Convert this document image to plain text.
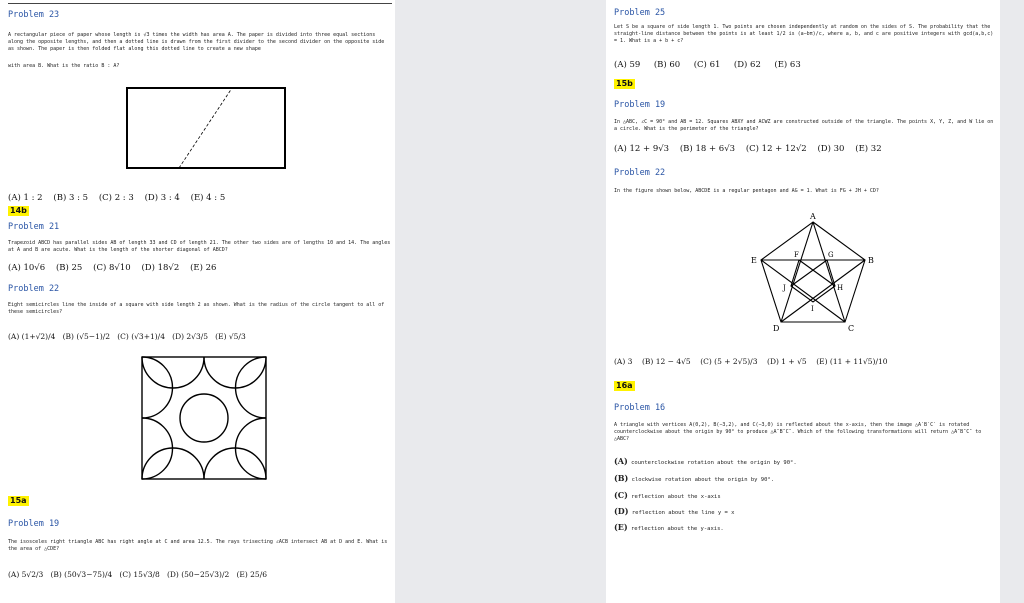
Problem 23
A rectangular piece of paper whose length is √3 times the width has area A. The paper is divided into three equal sections along the opposite lengths, and then a dotted line is drawn from the first divider to the second divider on the opposite side as shown. The paper is then folded flat along this dotted line to create a new shape
with area B. What is the ratio B : A?
(A) 1 : 2 (B) 3 : 5 (C) 2 : 3 (D) 3 : 4 (E) 4 : 5
14b
Problem 21
Trapezoid ABCD has parallel sides AB of length 33 and CD of length 21. The other two sides are of lengths 10 and 14. The angles at A and B are acute. What is the length of the shorter diagonal of ABCD?
(A) 10√6 (B) 25 (C) 8√10 (D) 18√2 (E) 26
Problem 22
Eight semicircles line the inside of a square with side length 2 as shown. What is the radius of the circle tangent to all of these semicircles?
(A) (1+√2)/4 (B) (√5−1)/2 (C) (√3+1)/4 (D) 2√3/5 (E) √5/3
15a
Problem 19
The isosceles right triangle ABC has right angle at C and area 12.5. The rays trisecting ∠ACB intersect AB at D and E. What is the area of △CDE?
(A) 5√2/3 (B) (50√3−75)/4 (C) 15√3/8 (D) (50−25√3)/2 (E) 25/6
Problem 25
Let S be a square of side length 1. Two points are chosen independently at random on the sides of S. The probability that the straight-line distance between the points is at least 1/2 is (a−bπ)/c, where a, b, and c are positive integers with gcd(a,b,c) = 1. What is a + b + c?
(A) 59 (B) 60 (C) 61 (D) 62 (E) 63
15b
Problem 19
In △ABC, ∠C = 90° and AB = 12. Squares ABXY and ACWZ are constructed outside of the triangle. The points X, Y, Z, and W lie on a circle. What is the perimeter of the triangle?
(A) 12 + 9√3 (B) 18 + 6√3 (C) 12 + 12√2 (D) 30 (E) 32
Problem 22
In the figure shown below, ABCDE is a regular pentagon and AG = 1. What is FG + JH + CD?
A
B
C
D
E
F	G
H
I
J
(A) 3 (B) 12 − 4√5 (C) (5 + 2√5)/3 (D) 1 + √5 (E) (11 + 11√5)/10
16a
Problem 16
A triangle with vertices A(0,2), B(−3,2), and C(−3,0) is reflected about the x-axis, then the image △A′B′C′ is rotated counterclockwise about the origin by 90° to produce △A″B″C″. Which of the following transformations will return △A″B″C″ to △ABC?
(A) counterclockwise rotation about the origin by 90°.
(B) clockwise rotation about the origin by 90°.
(C) reflection about the x-axis
(D) reflection about the line y = x
(E) reflection about the y-axis.
